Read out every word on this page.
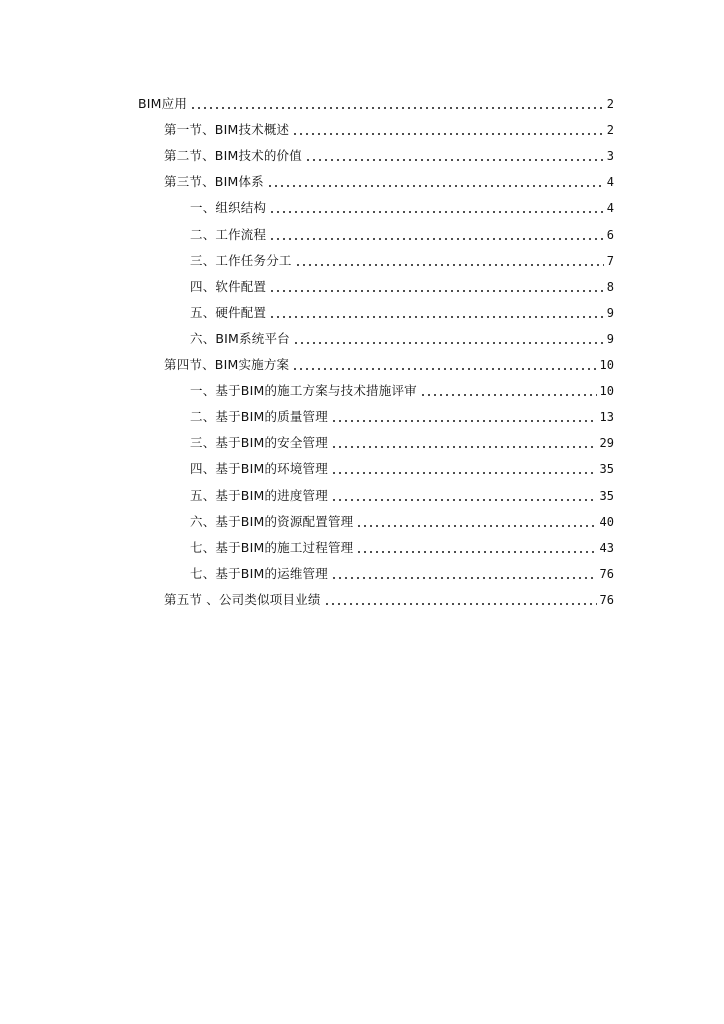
BIM应用	2
第一节、BIM技术概述	2
第二节、BIM技术的价值	3
第三节、BIM体系	4
一、组织结构	4
二、工作流程	6
三、工作任务分工	7
四、软件配置	8
五、硬件配置	9
六、BIM系统平台	9
第四节、BIM实施方案	10
一、基于BIM的施工方案与技术措施评审	10
二、基于BIM的质量管理	13
三、基于BIM的安全管理	29
四、基于BIM的环境管理	35
五、基于BIM的进度管理	35
六、基于BIM的资源配置管理	40
七、基于BIM的施工过程管理	43
七、基于BIM的运维管理	76
第五节 、公司类似项目业绩	76
